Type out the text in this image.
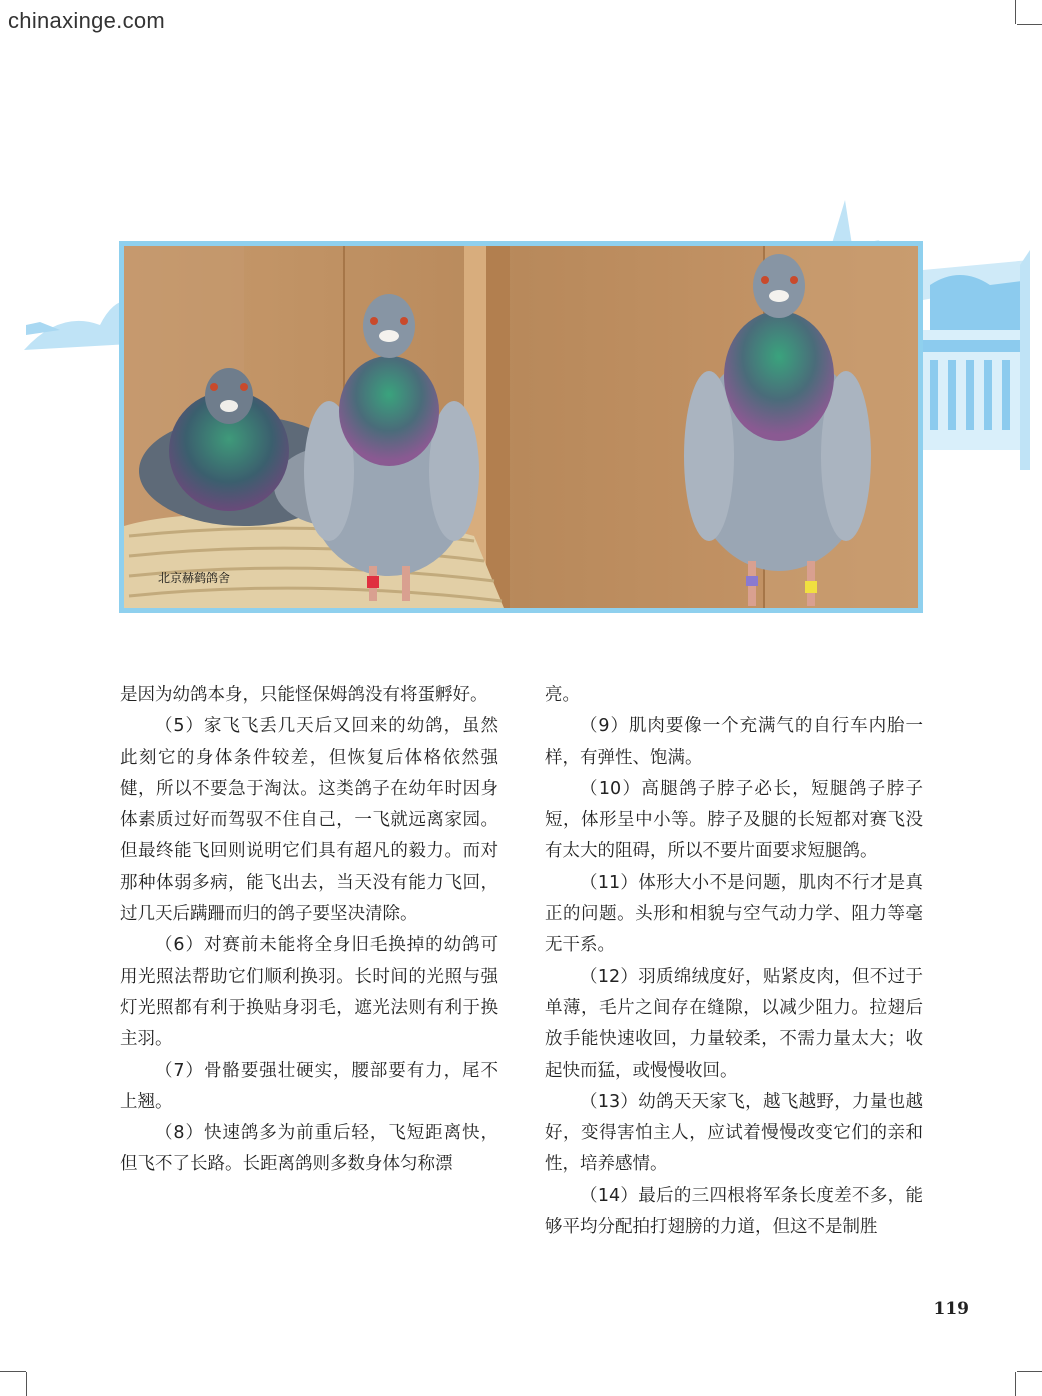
chinaxinge.com
北京赫鹤鸽舍

是因为幼鸽本身，只能怪保姆鸽没有将蛋孵好。

（5）家飞飞丢几天后又回来的幼鸽，虽然此刻它的身体条件较差，但恢复后体格依然强健，所以不要急于淘汰。这类鸽子在幼年时因身体素质过好而驾驭不住自己，一飞就远离家园。但最终能飞回则说明它们具有超凡的毅力。而对那种体弱多病，能飞出去，当天没有能力飞回，过几天后蹒跚而归的鸽子要坚决清除。

（6）对赛前未能将全身旧毛换掉的幼鸽可用光照法帮助它们顺利换羽。长时间的光照与强灯光照都有利于换贴身羽毛，遮光法则有利于换主羽。

（7）骨骼要强壮硬实，腰部要有力，尾不上翘。

（8）快速鸽多为前重后轻，飞短距离快，但飞不了长路。长距离鸽则多数身体匀称漂

亮。

（9）肌肉要像一个充满气的自行车内胎一样，有弹性、饱满。

（10）高腿鸽子脖子必长，短腿鸽子脖子短，体形呈中小等。脖子及腿的长短都对赛飞没有太大的阻碍，所以不要片面要求短腿鸽。

（11）体形大小不是问题，肌肉不行才是真正的问题。头形和相貌与空气动力学、阻力等毫无干系。

（12）羽质绵绒度好，贴紧皮肉，但不过于单薄，毛片之间存在缝隙，以减少阻力。拉翅后放手能快速收回，力量较柔，不需力量太大；收起快而猛，或慢慢收回。

（13）幼鸽天天家飞，越飞越野，力量也越好，变得害怕主人，应试着慢慢改变它们的亲和性，培养感情。

（14）最后的三四根将军条长度差不多，能够平均分配拍打翅膀的力道，但这不是制胜

119
